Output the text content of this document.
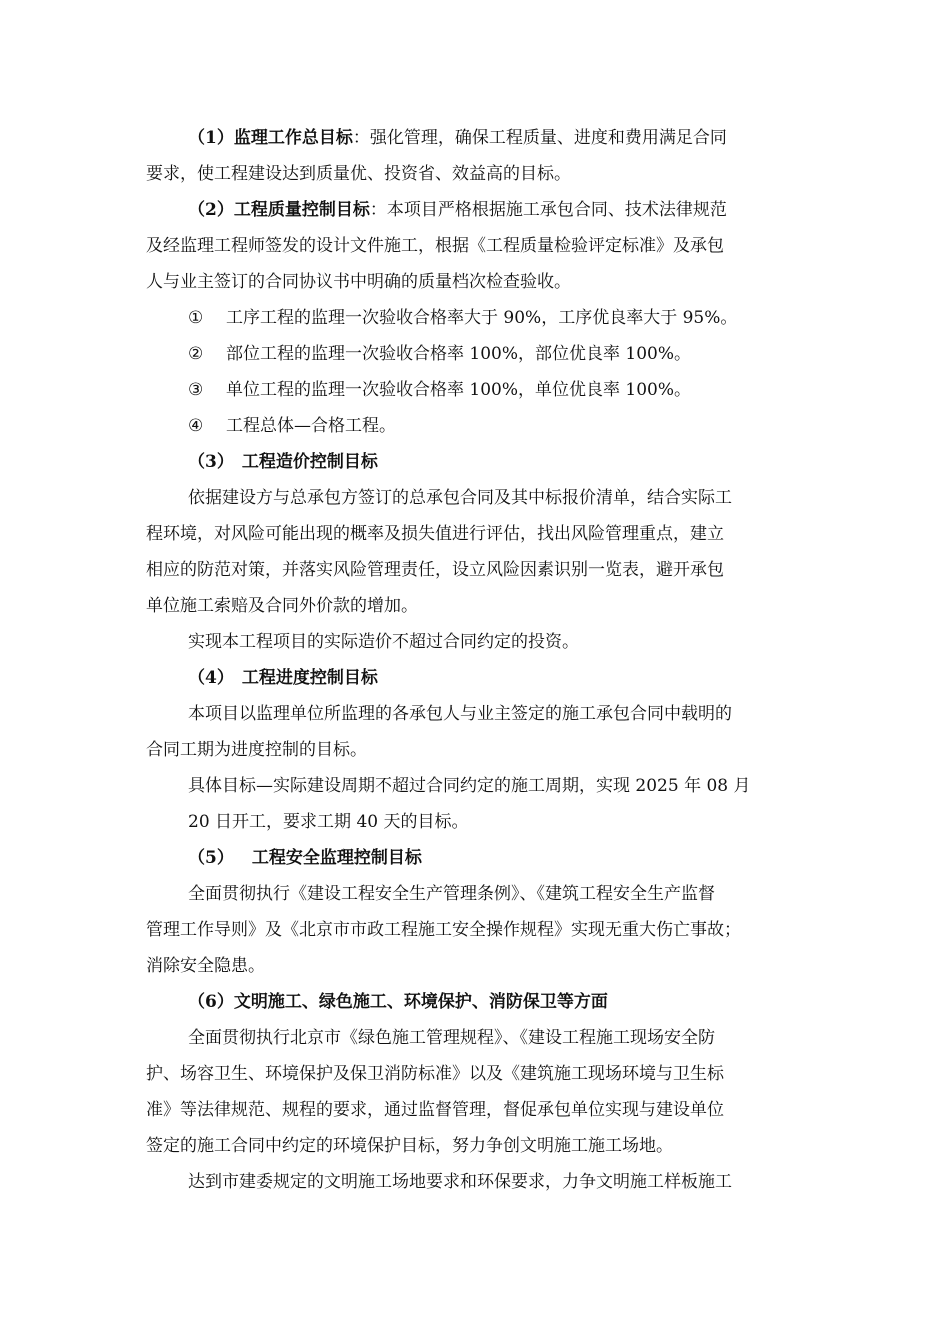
（1）监理工作总目标：强化管理，确保工程质量、进度和费用满足合同
要求，使工程建设达到质量优、投资省、效益高的目标。
（2）工程质量控制目标：本项目严格根据施工承包合同、技术法律规范
及经监理工程师签发的设计文件施工，根据《工程质量检验评定标准》及承包
人与业主签订的合同协议书中明确的质量档次检查验收。
① 工序工程的监理一次验收合格率大于 90%，工序优良率大于 95%。
② 部位工程的监理一次验收合格率 100%，部位优良率 100%。
③ 单位工程的监理一次验收合格率 100%，单位优良率 100%。
④ 工程总体—合格工程。
（3） 工程造价控制目标
依据建设方与总承包方签订的总承包合同及其中标报价清单，结合实际工
程环境，对风险可能出现的概率及损失值进行评估，找出风险管理重点，建立
相应的防范对策，并落实风险管理责任，设立风险因素识别一览表，避开承包
单位施工索赔及合同外价款的增加。
实现本工程项目的实际造价不超过合同约定的投资。
（4） 工程进度控制目标
本项目以监理单位所监理的各承包人与业主签定的施工承包合同中载明的
合同工期为进度控制的目标。
具体目标—实际建设周期不超过合同约定的施工周期，实现 2025 年 08 月
20 日开工，要求工期 40 天的目标。
（5） 工程安全监理控制目标
全面贯彻执行《建设工程安全生产管理条例》、《建筑工程安全生产监督
管理工作导则》及《北京市市政工程施工安全操作规程》实现无重大伤亡事故；
消除安全隐患。
（6）文明施工、绿色施工、环境保护、消防保卫等方面
全面贯彻执行北京市《绿色施工管理规程》、《建设工程施工现场安全防
护、场容卫生、环境保护及保卫消防标准》以及《建筑施工现场环境与卫生标
准》等法律规范、规程的要求，通过监督管理，督促承包单位实现与建设单位
签定的施工合同中约定的环境保护目标，努力争创文明施工施工场地。
达到市建委规定的文明施工场地要求和环保要求，力争文明施工样板施工
